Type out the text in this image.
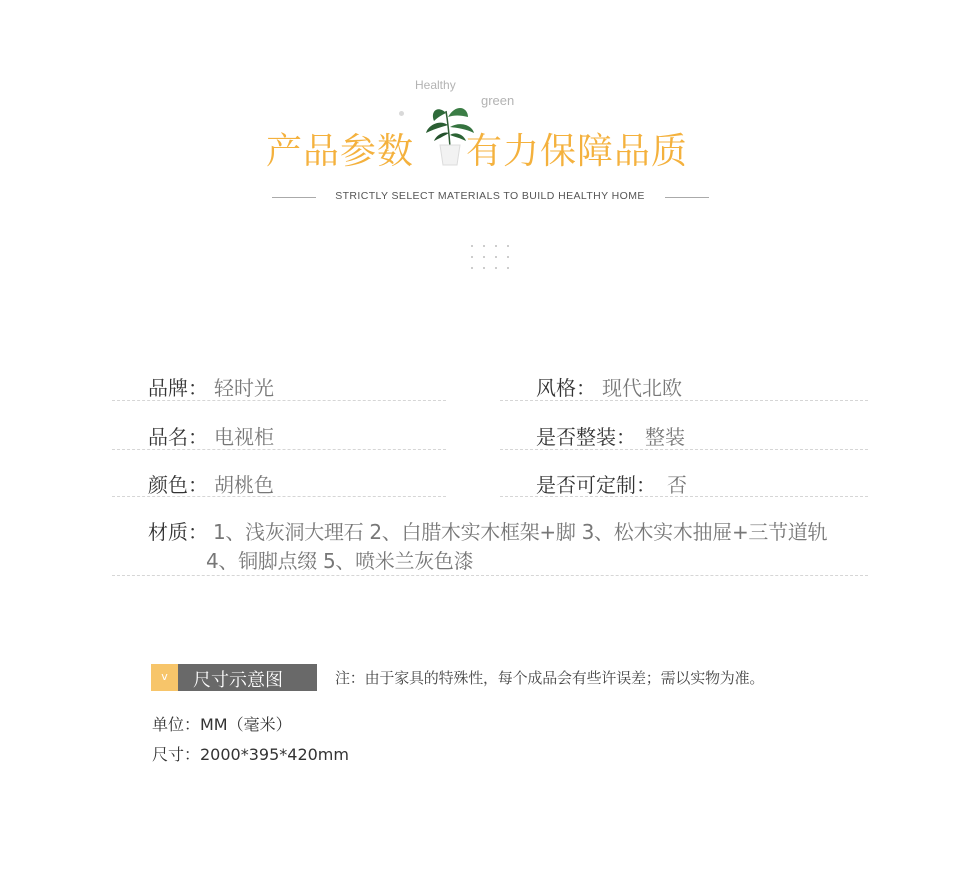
Healthy
green
产品参数 有力保障品质
STRICTLY SELECT MATERIALS TO BUILD HEALTHY HOME
品牌： 轻时光	风格： 现代北欧
品名： 电视柜	是否整装： 整装
颜色： 胡桃色	是否可定制： 否
材质： 1、浅灰洞大理石 2、白腊木实木框架+脚 3、松木实木抽屉+三节道轨
4、铜脚点缀 5、喷米兰灰色漆
v	尺寸示意图	注：由于家具的特殊性，每个成品会有些许误差；需以实物为准。
单位：MM（毫米）
尺寸：2000*395*420mm
